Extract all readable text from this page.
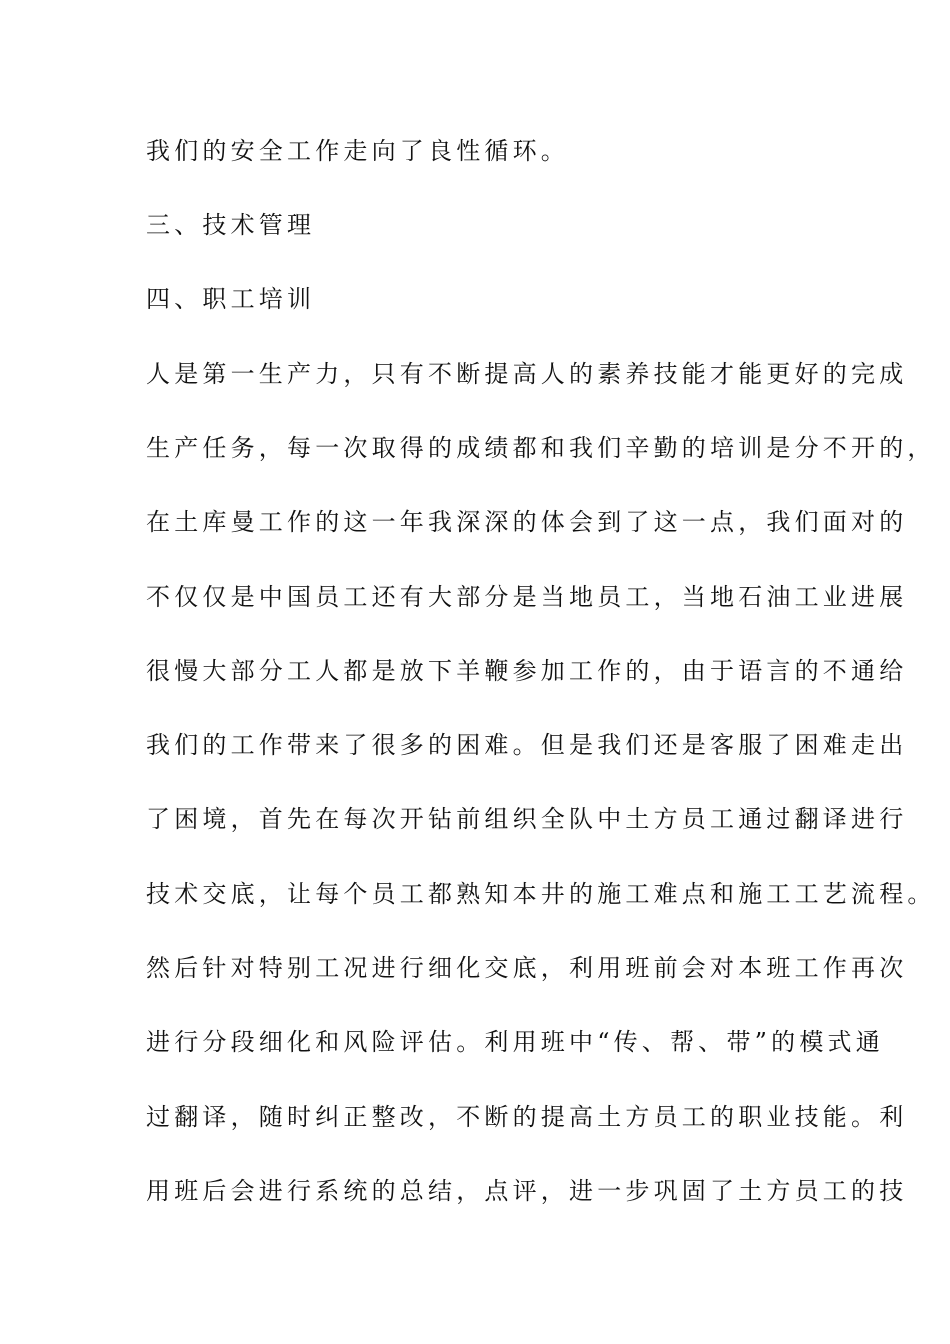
我们的安全工作走向了良性循环。
三、技术管理
四、职工培训
人是第一生产力，只有不断提高人的素养技能才能更好的完成
生产任务，每一次取得的成绩都和我们辛勤的培训是分不开的，
在土库曼工作的这一年我深深的体会到了这一点，我们面对的
不仅仅是中国员工还有大部分是当地员工，当地石油工业进展
很慢大部分工人都是放下羊鞭参加工作的，由于语言的不通给
我们的工作带来了很多的困难。但是我们还是客服了困难走出
了困境，首先在每次开钻前组织全队中土方员工通过翻译进行
技术交底，让每个员工都熟知本井的施工难点和施工工艺流程。
然后针对特别工况进行细化交底，利用班前会对本班工作再次
进行分段细化和风险评估。利用班中“传、帮、带”的模式通
过翻译，随时纠正整改，不断的提高土方员工的职业技能。利
用班后会进行系统的总结，点评，进一步巩固了土方员工的技
